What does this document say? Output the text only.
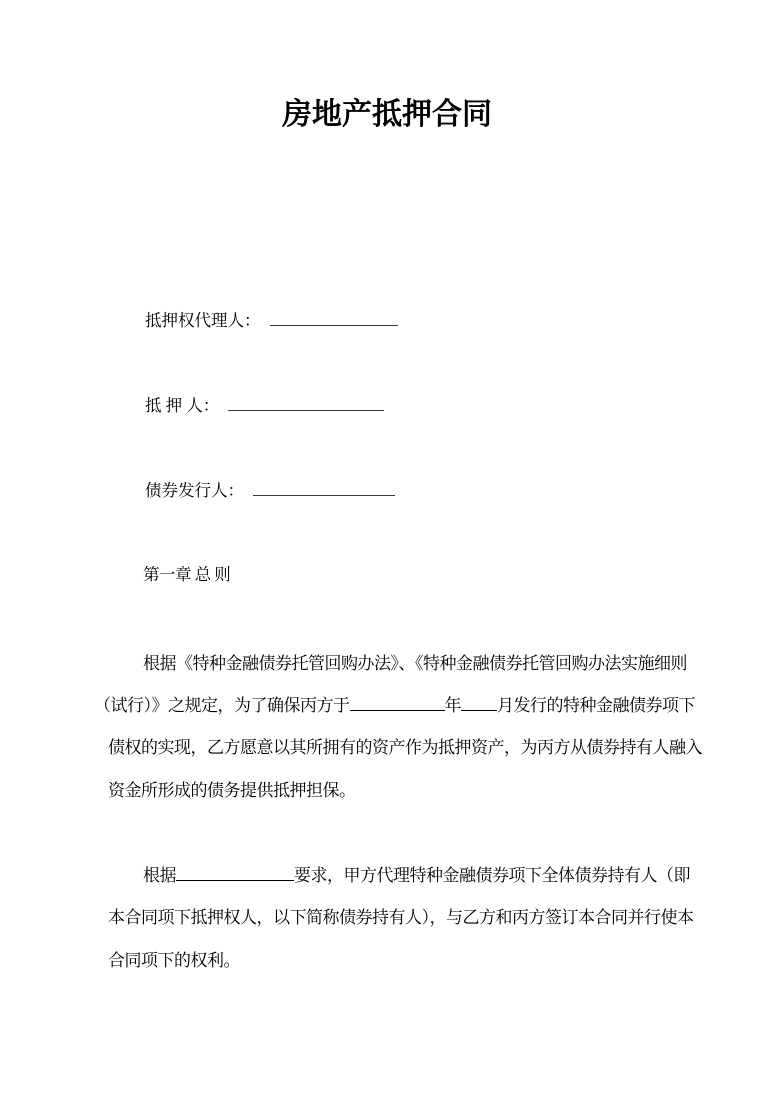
房地产抵押合同
抵押权代理人：
抵 押 人：
债券发行人：
第一章 总 则
根据《特种金融债券托管回购办法》、《特种金融债券托管回购办法实施细则
（试行）》之规定，为了确保丙方于	年 月发行的特种金融债券项下
债权的实现，乙方愿意以其所拥有的资产作为抵押资产，为丙方从债券持有人融入
资金所形成的债务提供抵押担保。
根据	要求，甲方代理特种金融债券项下全体债券持有人（即
本合同项下抵押权人，以下简称债券持有人），与乙方和丙方签订本合同并行使本
合同项下的权利。
